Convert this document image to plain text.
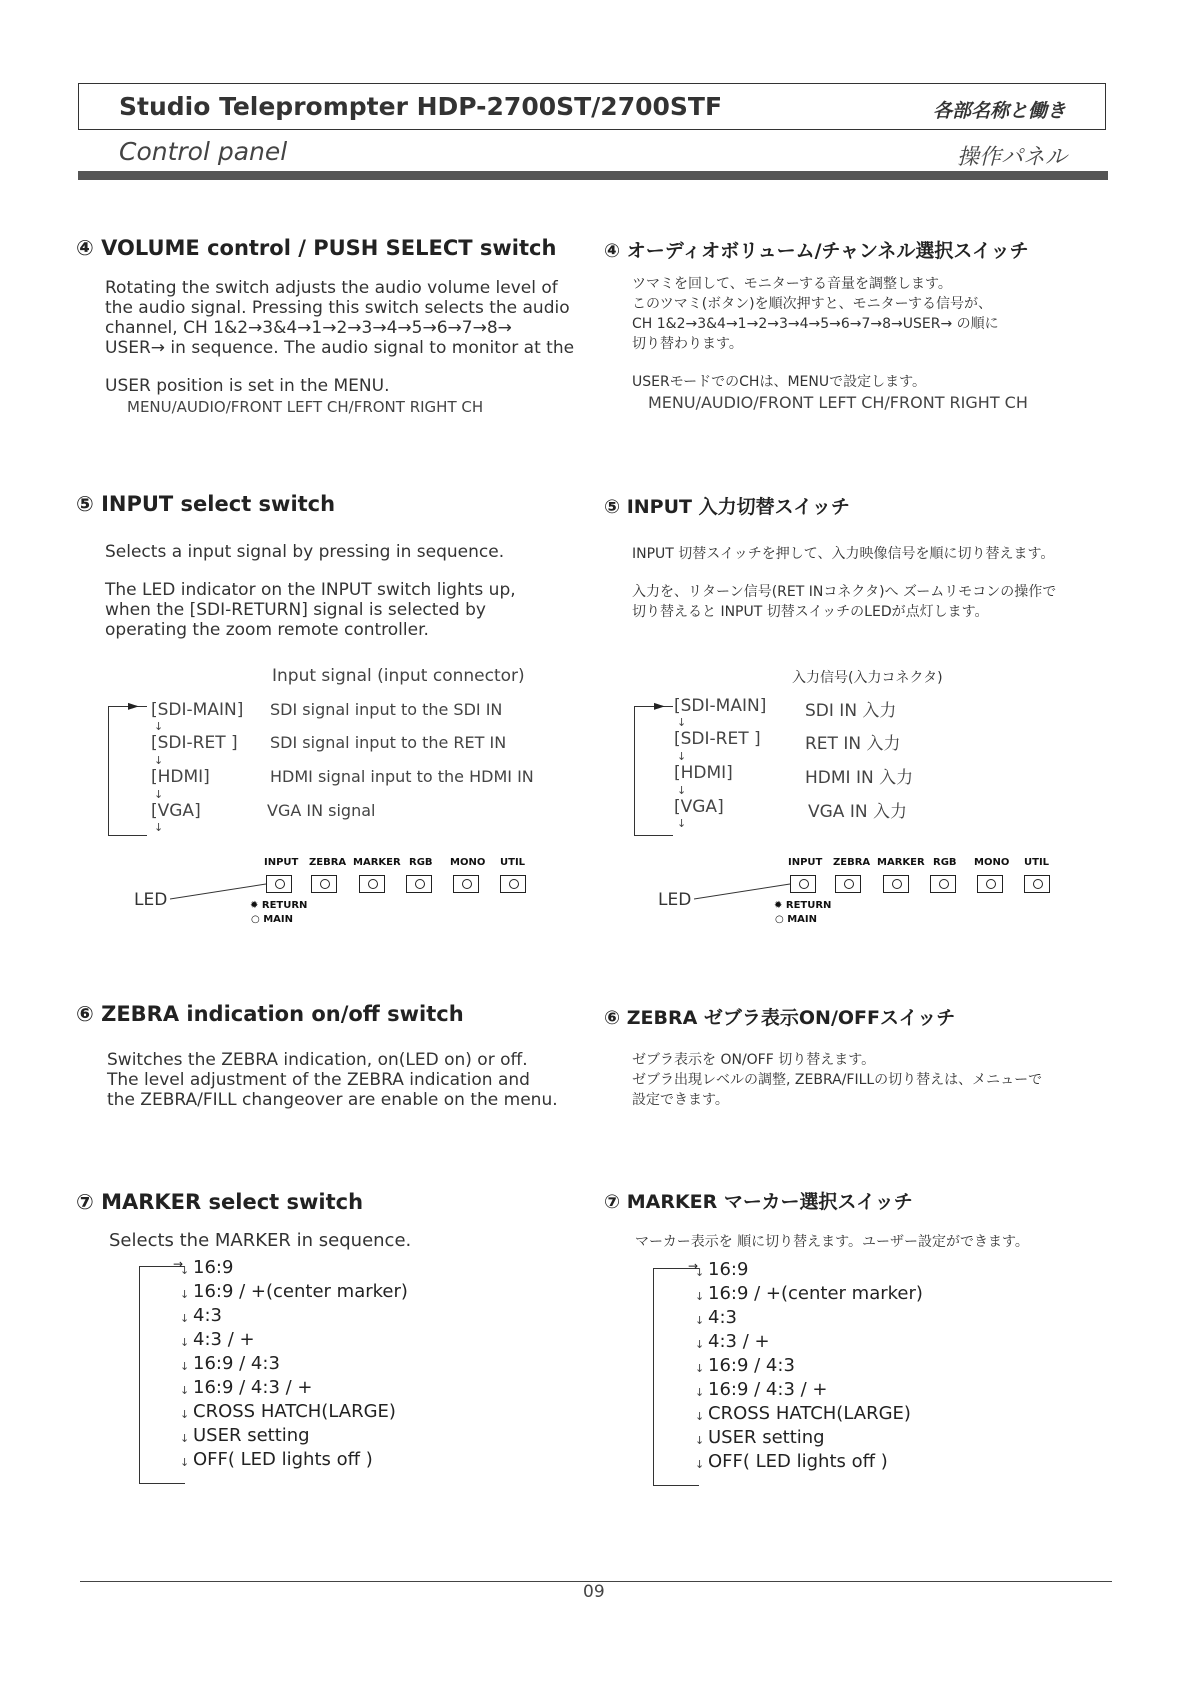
Studio Teleprompter HDP-2700ST/2700STF	各部名称と働き
Control panel	操作パネル
④ VOLUME control / PUSH SELECT switch
Rotating the switch adjusts the audio volume level of
the audio signal. Pressing this switch selects the audio
channel, CH 1&2→3&4→1→2→3→4→5→6→7→8→
USER→ in sequence. The audio signal to monitor at the
USER position is set in the MENU.
MENU/AUDIO/FRONT LEFT CH/FRONT RIGHT CH
④ オーディオボリューム/チャンネル選択スイッチ
ツマミを回して、モニターする音量を調整します。
このツマミ(ボタン)を順次押すと、モニターする信号が、
CH 1&2→3&4→1→2→3→4→5→6→7→8→USER→ の順に
切り替わります。
USERモードでのCHは、MENUで設定します。
MENU/AUDIO/FRONT LEFT CH/FRONT RIGHT CH
⑤ INPUT select switch
Selects a input signal by pressing in sequence.
The LED indicator on the INPUT switch lights up,
when the [SDI-RETURN] signal is selected by
operating the zoom remote controller.
Input signal (input connector)
► [SDI-MAIN] SDI signal input to the SDI IN
↓
[SDI-RET ] SDI signal input to the RET IN
↓
[HDMI]	HDMI signal input to the HDMI IN
↓
[VGA]	VGA IN signal
↓
INPUT ZEBRA MARKER RGB MONO UTIL
LED	✹ RETURN
○ MAIN
⑤ INPUT 入力切替スイッチ
INPUT 切替スイッチを押して、入力映像信号を順に切り替えます。
入力を、リターン信号(RET INコネクタ)へ ズームリモコンの操作で
切り替えると INPUT 切替スイッチのLEDが点灯します。
入力信号(入力コネクタ)
► [SDI-MAIN] SDI IN 入力
↓
[SDI-RET ]	RET IN 入力
↓
[HDMI]	HDMI IN 入力
↓
[VGA]	VGA IN 入力
↓
INPUT ZEBRA MARKER RGB MONO UTIL
LED	✹ RETURN
○ MAIN
⑥ ZEBRA indication on/off switch
Switches the ZEBRA indication, on(LED on) or off.
The level adjustment of the ZEBRA indication and
the ZEBRA/FILL changeover are enable on the menu.
⑥ ZEBRA ゼブラ表示ON/OFFスイッチ
ゼブラ表示を ON/OFF 切り替えます。
ゼブラ出現レベルの調整, ZEBRA/FILLの切り替えは、メニューで
設定できます。
⑦ MARKER select switch
Selects the MARKER in sequence.
↓ 16:9
↓ 16:9 / +(center marker)
↓ 4:3
↓ 4:3 / +
↓ 16:9 / 4:3
↓ 16:9 / 4:3 / +
↓ CROSS HATCH(LARGE)
↓ USER setting
↓ OFF( LED lights off )
→
⑦ MARKER マーカー選択スイッチ
マーカー表示を 順に切り替えます。ユーザー設定ができます。
↓ 16:9
↓ 16:9 / +(center marker)
↓ 4:3
↓ 4:3 / +
↓ 16:9 / 4:3
↓ 16:9 / 4:3 / +
↓ CROSS HATCH(LARGE)
↓ USER setting
↓ OFF( LED lights off )
→
09
